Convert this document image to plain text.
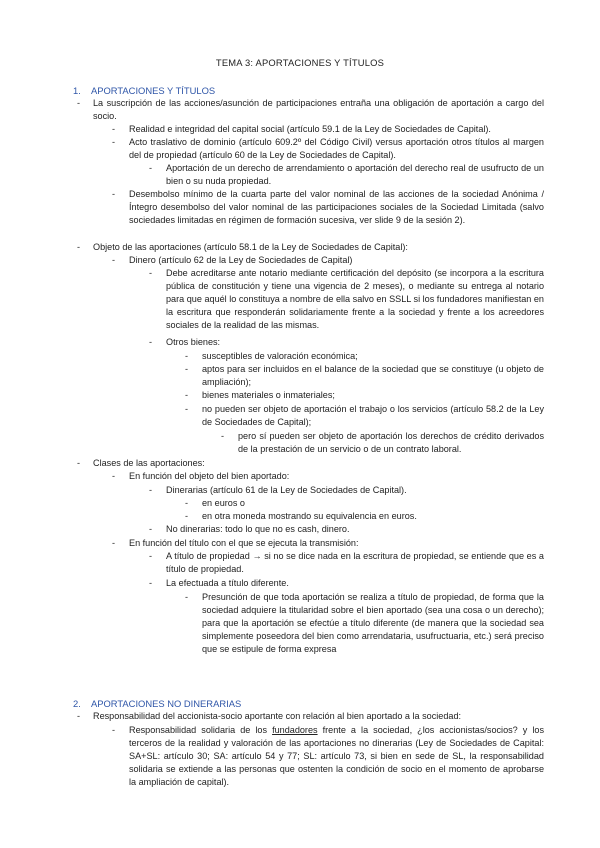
TEMA 3: APORTACIONES Y TÍTULOS
1. APORTACIONES Y TÍTULOS
- La suscripción de las acciones/asunción de participaciones entraña una obligación de aportación a cargo del socio.

- Realidad e integridad del capital social (artículo 59.1 de la Ley de Sociedades de Capital).

- Acto traslativo de dominio (artículo 609.2º del Código Civil) versus aportación otros títulos al margen del de propiedad (artículo 60 de la Ley de Sociedades de Capital).

- Aportación de un derecho de arrendamiento o aportación del derecho real de usufructo de un bien o su nuda propiedad.

- Desembolso mínimo de la cuarta parte del valor nominal de las acciones de la sociedad Anónima / Íntegro desembolso del valor nominal de las participaciones sociales de la Sociedad Limitada (salvo sociedades limitadas en régimen de formación sucesiva, ver slide 9 de la sesión 2).

- Objeto de las aportaciones (artículo 58.1 de la Ley de Sociedades de Capital):

- Dinero (artículo 62 de la Ley de Sociedades de Capital)

- Debe acreditarse ante notario mediante certificación del depósito (se incorpora a la escritura pública de constitución y tiene una vigencia de 2 meses), o mediante su entrega al notario para que aquél lo constituya a nombre de ella salvo en SSLL si los fundadores manifiestan en la escritura que responderán solidariamente frente a la sociedad y frente a los acreedores sociales de la realidad de las mismas.

- Otros bienes:

- susceptibles de valoración económica;

- aptos para ser incluidos en el balance de la sociedad que se constituye (u objeto de ampliación);

- bienes materiales o inmateriales;

- no pueden ser objeto de aportación el trabajo o los servicios (artículo 58.2 de la Ley de Sociedades de Capital);

- pero sí pueden ser objeto de aportación los derechos de crédito derivados de la prestación de un servicio o de un contrato laboral.

- Clases de las aportaciones:

- En función del objeto del bien aportado:

- Dinerarias (artículo 61 de la Ley de Sociedades de Capital).

- en euros o

- en otra moneda mostrando su equivalencia en euros.

- No dinerarias: todo lo que no es cash, dinero.

- En función del título con el que se ejecuta la transmisión:

- A título de propiedad → si no se dice nada en la escritura de propiedad, se entiende que es a título de propiedad.

- La efectuada a título diferente.

- Presunción de que toda aportación se realiza a título de propiedad, de forma que la sociedad adquiere la titularidad sobre el bien aportado (sea una cosa o un derecho); para que la aportación se efectúe a título diferente (de manera que la sociedad sea simplemente poseedora del bien como arrendataria, usufructuaria, etc.) será preciso que se estipule de forma expresa

2. APORTACIONES NO DINERARIAS
- Responsabilidad del accionista-socio aportante con relación al bien aportado a la sociedad:

- Responsabilidad solidaria de los fundadores frente a la sociedad, ¿los accionistas/socios? y los terceros de la realidad y valoración de las aportaciones no dinerarias (Ley de Sociedades de Capital: SA+SL: artículo 30; SA: artículo 54 y 77; SL: artículo 73, si bien en sede de SL, la responsabilidad solidaria se extiende a las personas que ostenten la condición de socio en el momento de aprobarse la ampliación de capital).
